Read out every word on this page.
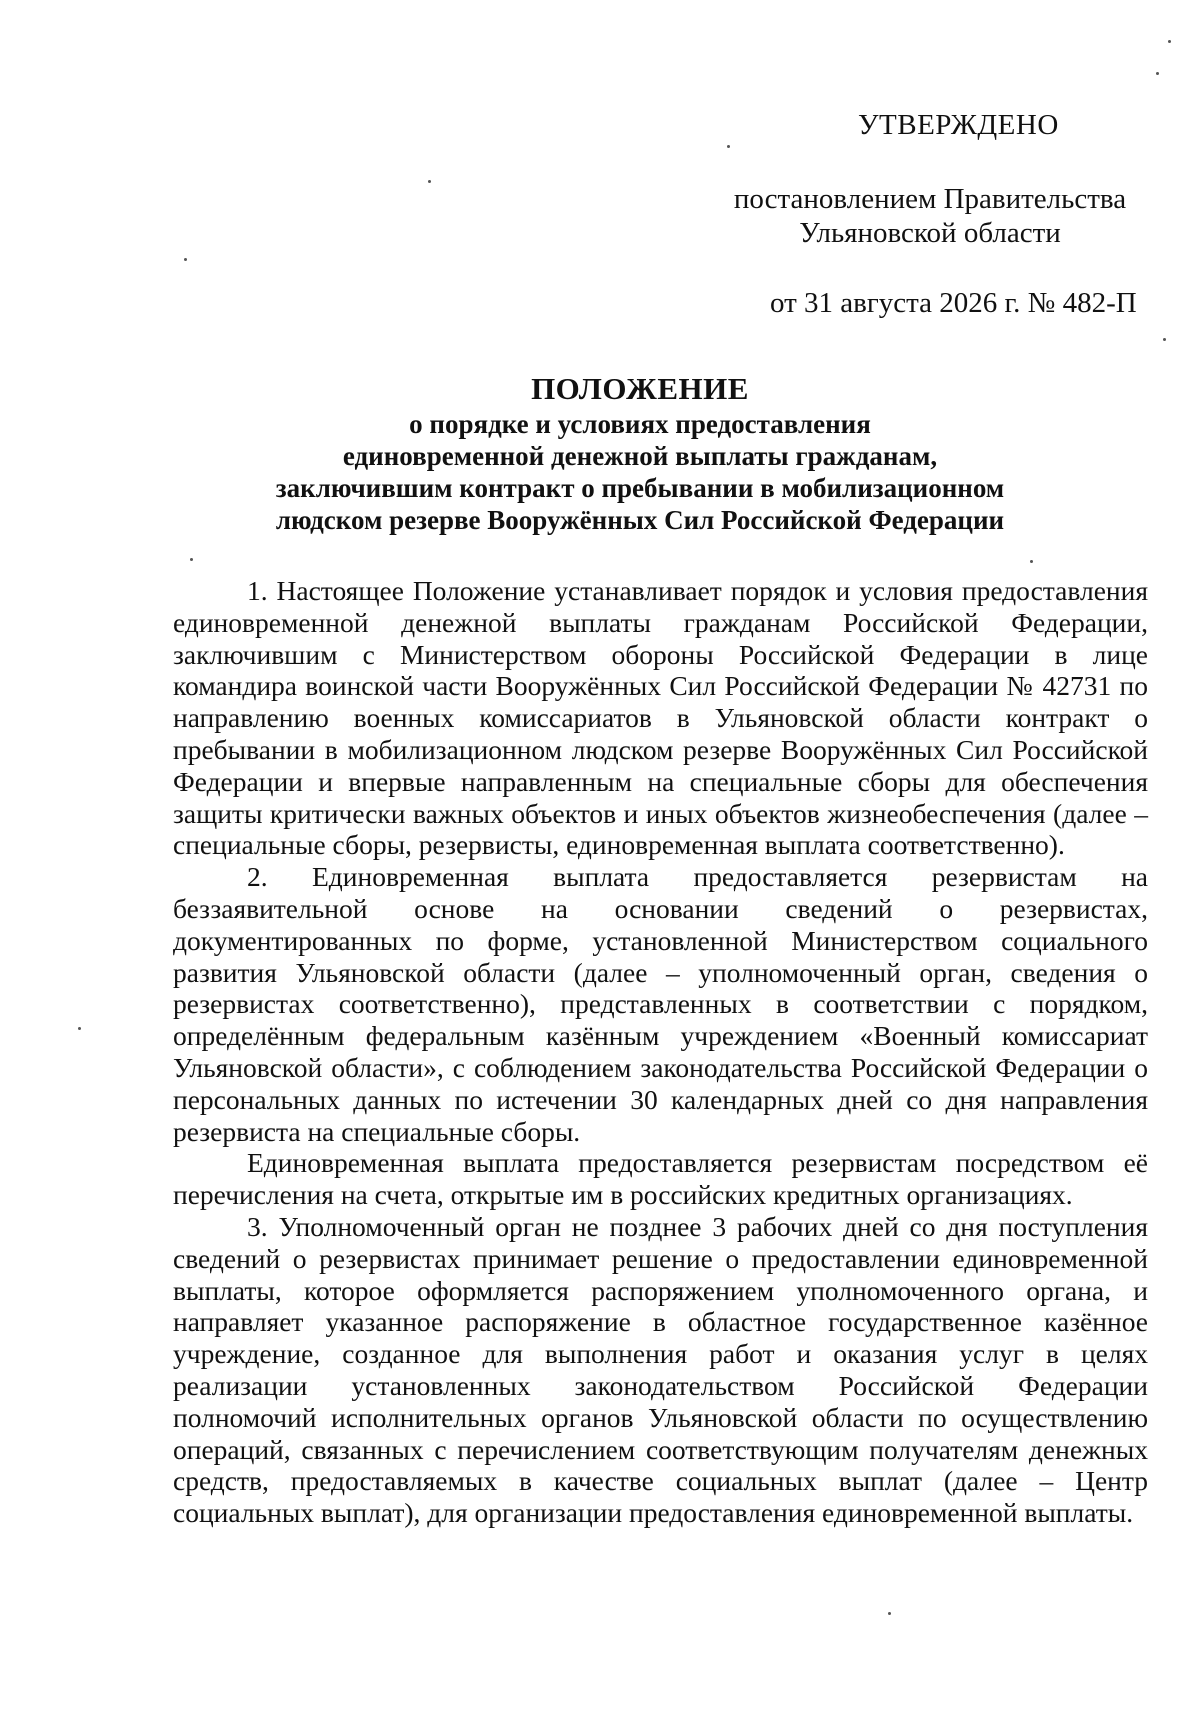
УТВЕРЖДЕНО
постановлением Правительства
Ульяновской области
от 31 августа 2026 г. № 482-П
ПОЛОЖЕНИЕ
о порядке и условиях предоставления
единовременной денежной выплаты гражданам,
заключившим контракт о пребывании в мобилизационном
людском резерве Вооружённых Сил Российской Федерации

1. Настоящее Положение устанавливает порядок и условия предоставления единовременной денежной выплаты гражданам Российской Федерации, заключившим с Министерством обороны Российской Федерации в лице командира воинской части Вооружённых Сил Российской Федерации № 42731 по направлению военных комиссариатов в Ульяновской области контракт о пребывании в мобилизационном людском резерве Вооружённых Сил Российской Федерации и впервые направленным на специальные сборы для обеспечения защиты критически важных объектов и иных объектов жизнеобеспечения (далее – специальные сборы, резервисты, единовременная выплата соответственно).

2. Единовременная выплата предоставляется резервистам на беззаявительной основе на основании сведений о резервистах, документированных по форме, установленной Министерством социального развития Ульяновской области (далее – уполномоченный орган, сведения о резервистах соответственно), представленных в соответствии с порядком, определённым федеральным казённым учреждением «Военный комиссариат Ульяновской области», с соблюдением законодательства Российской Федерации о персональных данных по истечении 30 календарных дней со дня направления резервиста на специальные сборы.

Единовременная выплата предоставляется резервистам посредством её перечисления на счета, открытые им в российских кредитных организациях.

3. Уполномоченный орган не позднее 3 рабочих дней со дня поступления сведений о резервистах принимает решение о предоставлении единовременной выплаты, которое оформляется распоряжением уполномоченного органа, и направляет указанное распоряжение в областное государственное казённое учреждение, созданное для выполнения работ и оказания услуг в целях реализации установленных законодательством Российской Федерации полномочий исполнительных органов Ульяновской области по осуществлению операций, связанных с перечислением соответствующим получателям денежных средств, предоставляемых в качестве социальных выплат (далее – Центр социальных выплат), для организации предоставления единовременной выплаты.
